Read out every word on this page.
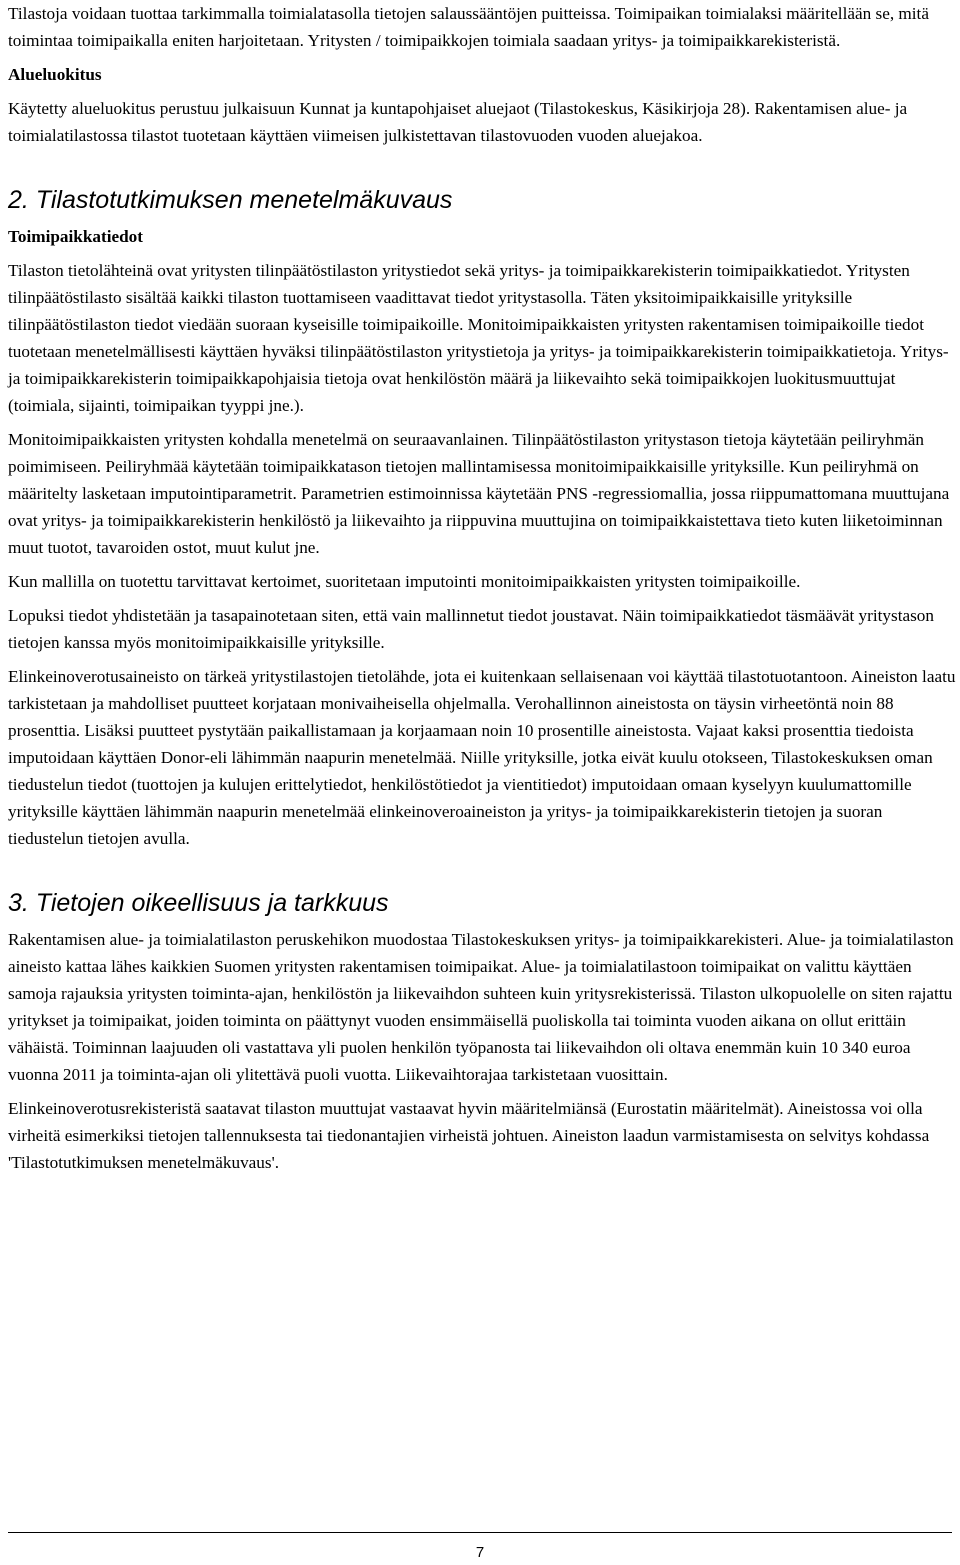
Tilastoja voidaan tuottaa tarkimmalla toimialatasolla tietojen salaussääntöjen puitteissa. Toimipaikan toimialaksi määritellään se, mitä toimintaa toimipaikalla eniten harjoitetaan. Yritysten / toimipaikkojen toimiala saadaan yritys- ja toimipaikkarekisteristä.

Alueluokitus

Käytetty alueluokitus perustuu julkaisuun Kunnat ja kuntapohjaiset aluejaot (Tilastokeskus, Käsikirjoja 28). Rakentamisen alue- ja toimialatilastossa tilastot tuotetaan käyttäen viimeisen julkistettavan tilastovuoden vuoden aluejakoa.

2. Tilastotutkimuksen menetelmäkuvaus

Toimipaikkatiedot

Tilaston tietolähteinä ovat yritysten tilinpäätöstilaston yritystiedot sekä yritys- ja toimipaikkarekisterin toimipaikkatiedot. Yritysten tilinpäätöstilasto sisältää kaikki tilaston tuottamiseen vaadittavat tiedot yritystasolla. Täten yksitoimipaikkaisille yrityksille tilinpäätöstilaston tiedot viedään suoraan kyseisille toimipaikoille. Monitoimipaikkaisten yritysten rakentamisen toimipaikoille tiedot tuotetaan menetelmällisesti käyttäen hyväksi tilinpäätöstilaston yritystietoja ja yritys- ja toimipaikkarekisterin toimipaikkatietoja. Yritys- ja toimipaikkarekisterin toimipaikkapohjaisia tietoja ovat henkilöstön määrä ja liikevaihto sekä toimipaikkojen luokitusmuuttujat (toimiala, sijainti, toimipaikan tyyppi jne.).

Monitoimipaikkaisten yritysten kohdalla menetelmä on seuraavanlainen. Tilinpäätöstilaston yritystason tietoja käytetään peiliryhmän poimimiseen. Peiliryhmää käytetään toimipaikkatason tietojen mallintamisessa monitoimipaikkaisille yrityksille. Kun peiliryhmä on määritelty lasketaan imputointiparametrit. Parametrien estimoinnissa käytetään PNS -regressiomallia, jossa riippumattomana muuttujana ovat yritys- ja toimipaikkarekisterin henkilöstö ja liikevaihto ja riippuvina muuttujina on toimipaikkaistettava tieto kuten liiketoiminnan muut tuotot, tavaroiden ostot, muut kulut jne.

Kun mallilla on tuotettu tarvittavat kertoimet, suoritetaan imputointi monitoimipaikkaisten yritysten toimipaikoille.

Lopuksi tiedot yhdistetään ja tasapainotetaan siten, että vain mallinnetut tiedot joustavat. Näin toimipaikkatiedot täsmäävät yritystason tietojen kanssa myös monitoimipaikkaisille yrityksille.

Elinkeinoverotusaineisto on tärkeä yritystilastojen tietolähde, jota ei kuitenkaan sellaisenaan voi käyttää tilastotuotantoon. Aineiston laatu tarkistetaan ja mahdolliset puutteet korjataan monivaiheisella ohjelmalla. Verohallinnon aineistosta on täysin virheetöntä noin 88 prosenttia. Lisäksi puutteet pystytään paikallistamaan ja korjaamaan noin 10 prosentille aineistosta. Vajaat kaksi prosenttia tiedoista imputoidaan käyttäen Donor-eli lähimmän naapurin menetelmää. Niille yrityksille, jotka eivät kuulu otokseen, Tilastokeskuksen oman tiedustelun tiedot (tuottojen ja kulujen erittelytiedot, henkilöstötiedot ja vientitiedot) imputoidaan omaan kyselyyn kuulumattomille yrityksille käyttäen lähimmän naapurin menetelmää elinkeinoveroaineiston ja yritys- ja toimipaikkarekisterin tietojen ja suoran tiedustelun tietojen avulla.

3. Tietojen oikeellisuus ja tarkkuus

Rakentamisen alue- ja toimialatilaston peruskehikon muodostaa Tilastokeskuksen yritys- ja toimipaikkarekisteri. Alue- ja toimialatilaston aineisto kattaa lähes kaikkien Suomen yritysten rakentamisen toimipaikat. Alue- ja toimialatilastoon toimipaikat on valittu käyttäen samoja rajauksia yritysten toiminta-ajan, henkilöstön ja liikevaihdon suhteen kuin yritysrekisterissä. Tilaston ulkopuolelle on siten rajattu yritykset ja toimipaikat, joiden toiminta on päättynyt vuoden ensimmäisellä puoliskolla tai toiminta vuoden aikana on ollut erittäin vähäistä. Toiminnan laajuuden oli vastattava yli puolen henkilön työpanosta tai liikevaihdon oli oltava enemmän kuin 10 340 euroa vuonna 2011 ja toiminta-ajan oli ylitettävä puoli vuotta. Liikevaihtorajaa tarkistetaan vuosittain.

Elinkeinoverotusrekisteristä saatavat tilaston muuttujat vastaavat hyvin määritelmiänsä (Eurostatin määritelmät). Aineistossa voi olla virheitä esimerkiksi tietojen tallennuksesta tai tiedonantajien virheistä johtuen. Aineiston laadun varmistamisesta on selvitys kohdassa 'Tilastotutkimuksen menetelmäkuvaus'.

7
